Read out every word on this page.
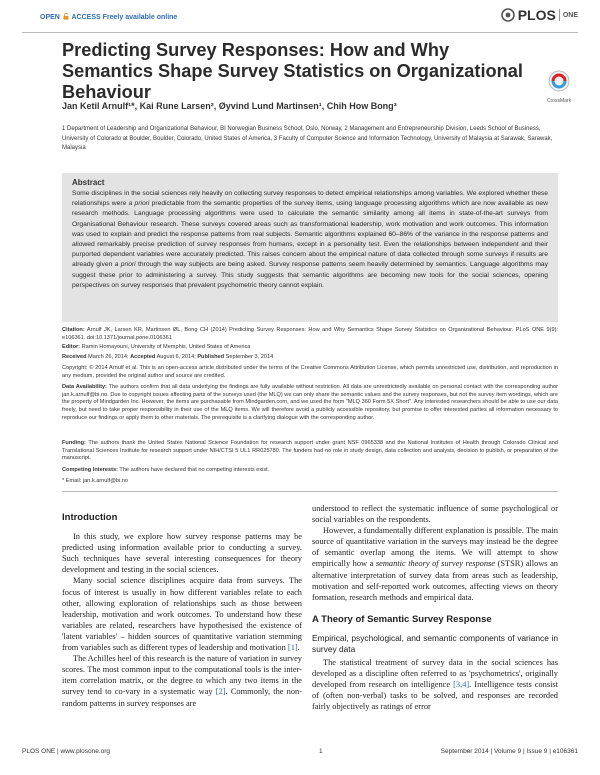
OPEN ACCESS Freely available online	PLOS ONE
Predicting Survey Responses: How and Why Semantics Shape Survey Statistics on Organizational Behaviour	CrossMark
Jan Ketil Arnulf¹*, Kai Rune Larsen², Øyvind Lund Martinsen¹, Chih How Bong³
1 Department of Leadership and Organizational Behaviour, BI Norwegian Business School, Oslo, Norway, 2 Management and Entrepreneurship Division, Leeds School of Business, University of Colorado at Boulder, Boulder, Colorado, United States of America, 3 Faculty of Computer Science and Information Technology, University of Malaysia at Sarawak, Sarawak, Malaysia
Abstract
Some disciplines in the social sciences rely heavily on collecting survey responses to detect empirical relationships among variables. We explored whether these relationships were a priori predictable from the semantic properties of the survey items, using language processing algorithms which are now available as new research methods. Language processing algorithms were used to calculate the semantic similarity among all items in state-of-the-art surveys from Organisational Behaviour research. These surveys covered areas such as transformational leadership, work motivation and work outcomes. This information was used to explain and predict the response patterns from real subjects. Semantic algorithms explained 60–86% of the variance in the response patterns and allowed remarkably precise prediction of survey responses from humans, except in a personality test. Even the relationships between independent and their purported dependent variables were accurately predicted. This raises concern about the empirical nature of data collected through some surveys if results are already given a priori through the way subjects are being asked. Survey response patterns seem heavily determined by semantics. Language algorithms may suggest these prior to administering a survey. This study suggests that semantic algorithms are becoming new tools for the social sciences, opening perspectives on survey responses that prevalent psychometric theory cannot explain.
Citation: Arnulf JK, Larsen KR, Martinsen ØL, Bong CH (2014) Predicting Survey Responses: How and Why Semantics Shape Survey Statistics on Organizational Behaviour. PLoS ONE 9(9): e106361. doi:10.1371/journal.pone.0106361
Editor: Ramin Homayouni, University of Memphis, United States of America
Received March 26, 2014; Accepted August 6, 2014; Published September 3, 2014
Copyright: © 2014 Arnulf et al. This is an open-access article distributed under the terms of the Creative Commons Attribution License, which permits unrestricted use, distribution, and reproduction in any medium, provided the original author and source are credited.
Data Availability: The authors confirm that all data underlying the findings are fully available without restriction. All data are unrestrictedly available on personal contact with the corresponding author jan.k.arnulf@bi.no. Due to copyright issues affecting parts of the surveys used (the MLQ) we can only share the semantic values and the survey responses, but not the survey item wordings, which are the property of Mindgarden Inc. However, the items are purchasable from Mindgarden.com, and we used the form "MLQ 360 Form 5X Short". Any interested researchers should be able to use our data freely, but need to take proper responsibility in their use of the MLQ items. We will therefore avoid a publicly accessible repository, but promise to offer interested parties all information necessary to reproduce our findings or apply them to other materials. The prerequisite is a clarifying dialogue with the corresponding author.
Funding: The authors thank the United States National Science Foundation for research support under grant NSF 0965338 and the National Institutes of Health through Colorado Clinical and Translational Sciences Institute for research support under NIH/CTSI 5 UL1 RR025780. The funders had no role in study design, data collection and analysis, decision to publish, or preparation of the manuscript.
Competing Interests: The authors have declared that no competing interests exist.
* Email: jan.k.arnulf@bi.no
Introduction

In this study, we explore how survey response patterns may be predicted using information available prior to conducting a survey. Such techniques have several interesting consequences for theory development and testing in the social sciences.

Many social science disciplines acquire data from surveys. The focus of interest is usually in how different variables relate to each other, allowing exploration of relationships such as those between leadership, motivation and work outcomes. To understand how these variables are related, researchers have hypothesised the existence of 'latent variables' – hidden sources of quantitative variation stemming from variables such as different types of leadership and motivation [1].

The Achilles heel of this research is the nature of variation in survey scores. The most common input to the computational tools is the inter-item correlation matrix, or the degree to which any two items in the survey tend to co-vary in a systematic way [2]. Commonly, the non-random patterns in survey responses are

understood to reflect the systematic influence of some psychological or social variables on the respondents.

However, a fundamentally different explanation is possible. The main source of quantitative variation in the surveys may instead be the degree of semantic overlap among the items. We will attempt to show empirically how a semantic theory of survey response (STSR) allows an alternative interpretation of survey data from areas such as leadership, motivation and self-reported work outcomes, affecting views on theory formation, research methods and empirical data.

A Theory of Semantic Survey Response
Empirical, psychological, and semantic components of variance in survey data

The statistical treatment of survey data in the social sciences has developed as a discipline often referred to as 'psychometrics', originally developed from research on intelligence [3,4]. Intelligence tests consist of (often non-verbal) tasks to be solved, and responses are recorded fairly objectively as ratings of error

PLOS ONE | www.plosone.org	1	September 2014 | Volume 9 | Issue 9 | e106361
